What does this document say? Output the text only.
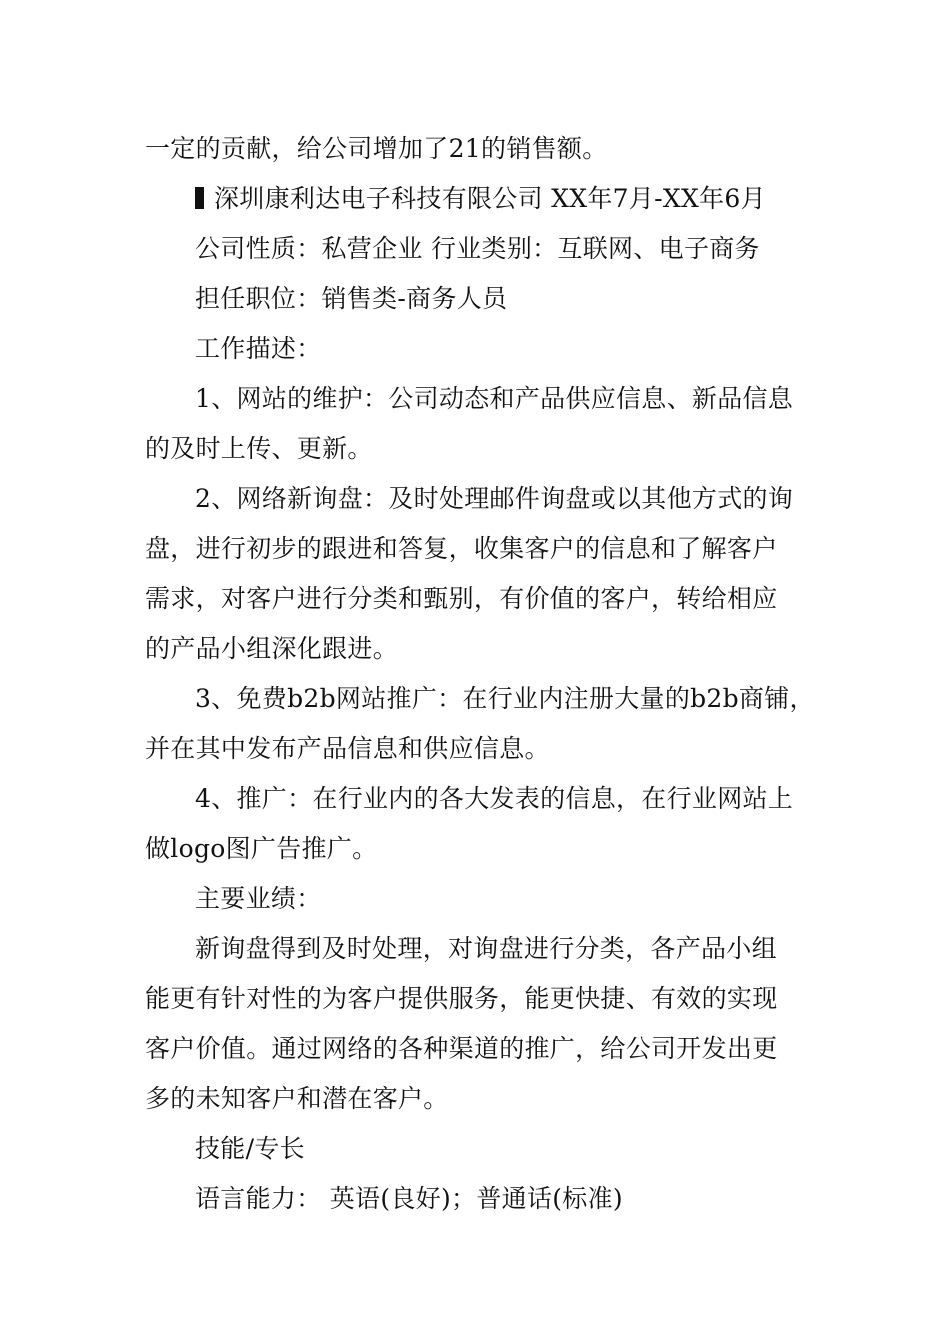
一定的贡献，给公司增加了21的销售额。
深圳康利达电子科技有限公司 XX年7月-XX年6月
公司性质：私营企业 行业类别：互联网、电子商务
担任职位：销售类-商务人员
工作描述：
1、网站的维护：公司动态和产品供应信息、新品信息
的及时上传、更新。
2、网络新询盘：及时处理邮件询盘或以其他方式的询
盘，进行初步的跟进和答复，收集客户的信息和了解客户
需求，对客户进行分类和甄别，有价值的客户，转给相应
的产品小组深化跟进。
3、免费b2b网站推广：在行业内注册大量的b2b商铺，
并在其中发布产品信息和供应信息。
4、推广：在行业内的各大发表的信息，在行业网站上
做logo图广告推广。
主要业绩：
新询盘得到及时处理，对询盘进行分类，各产品小组
能更有针对性的为客户提供服务，能更快捷、有效的实现
客户价值。通过网络的各种渠道的推广，给公司开发出更
多的未知客户和潜在客户。
技能/专长
语言能力： 英语(良好)；普通话(标准)
